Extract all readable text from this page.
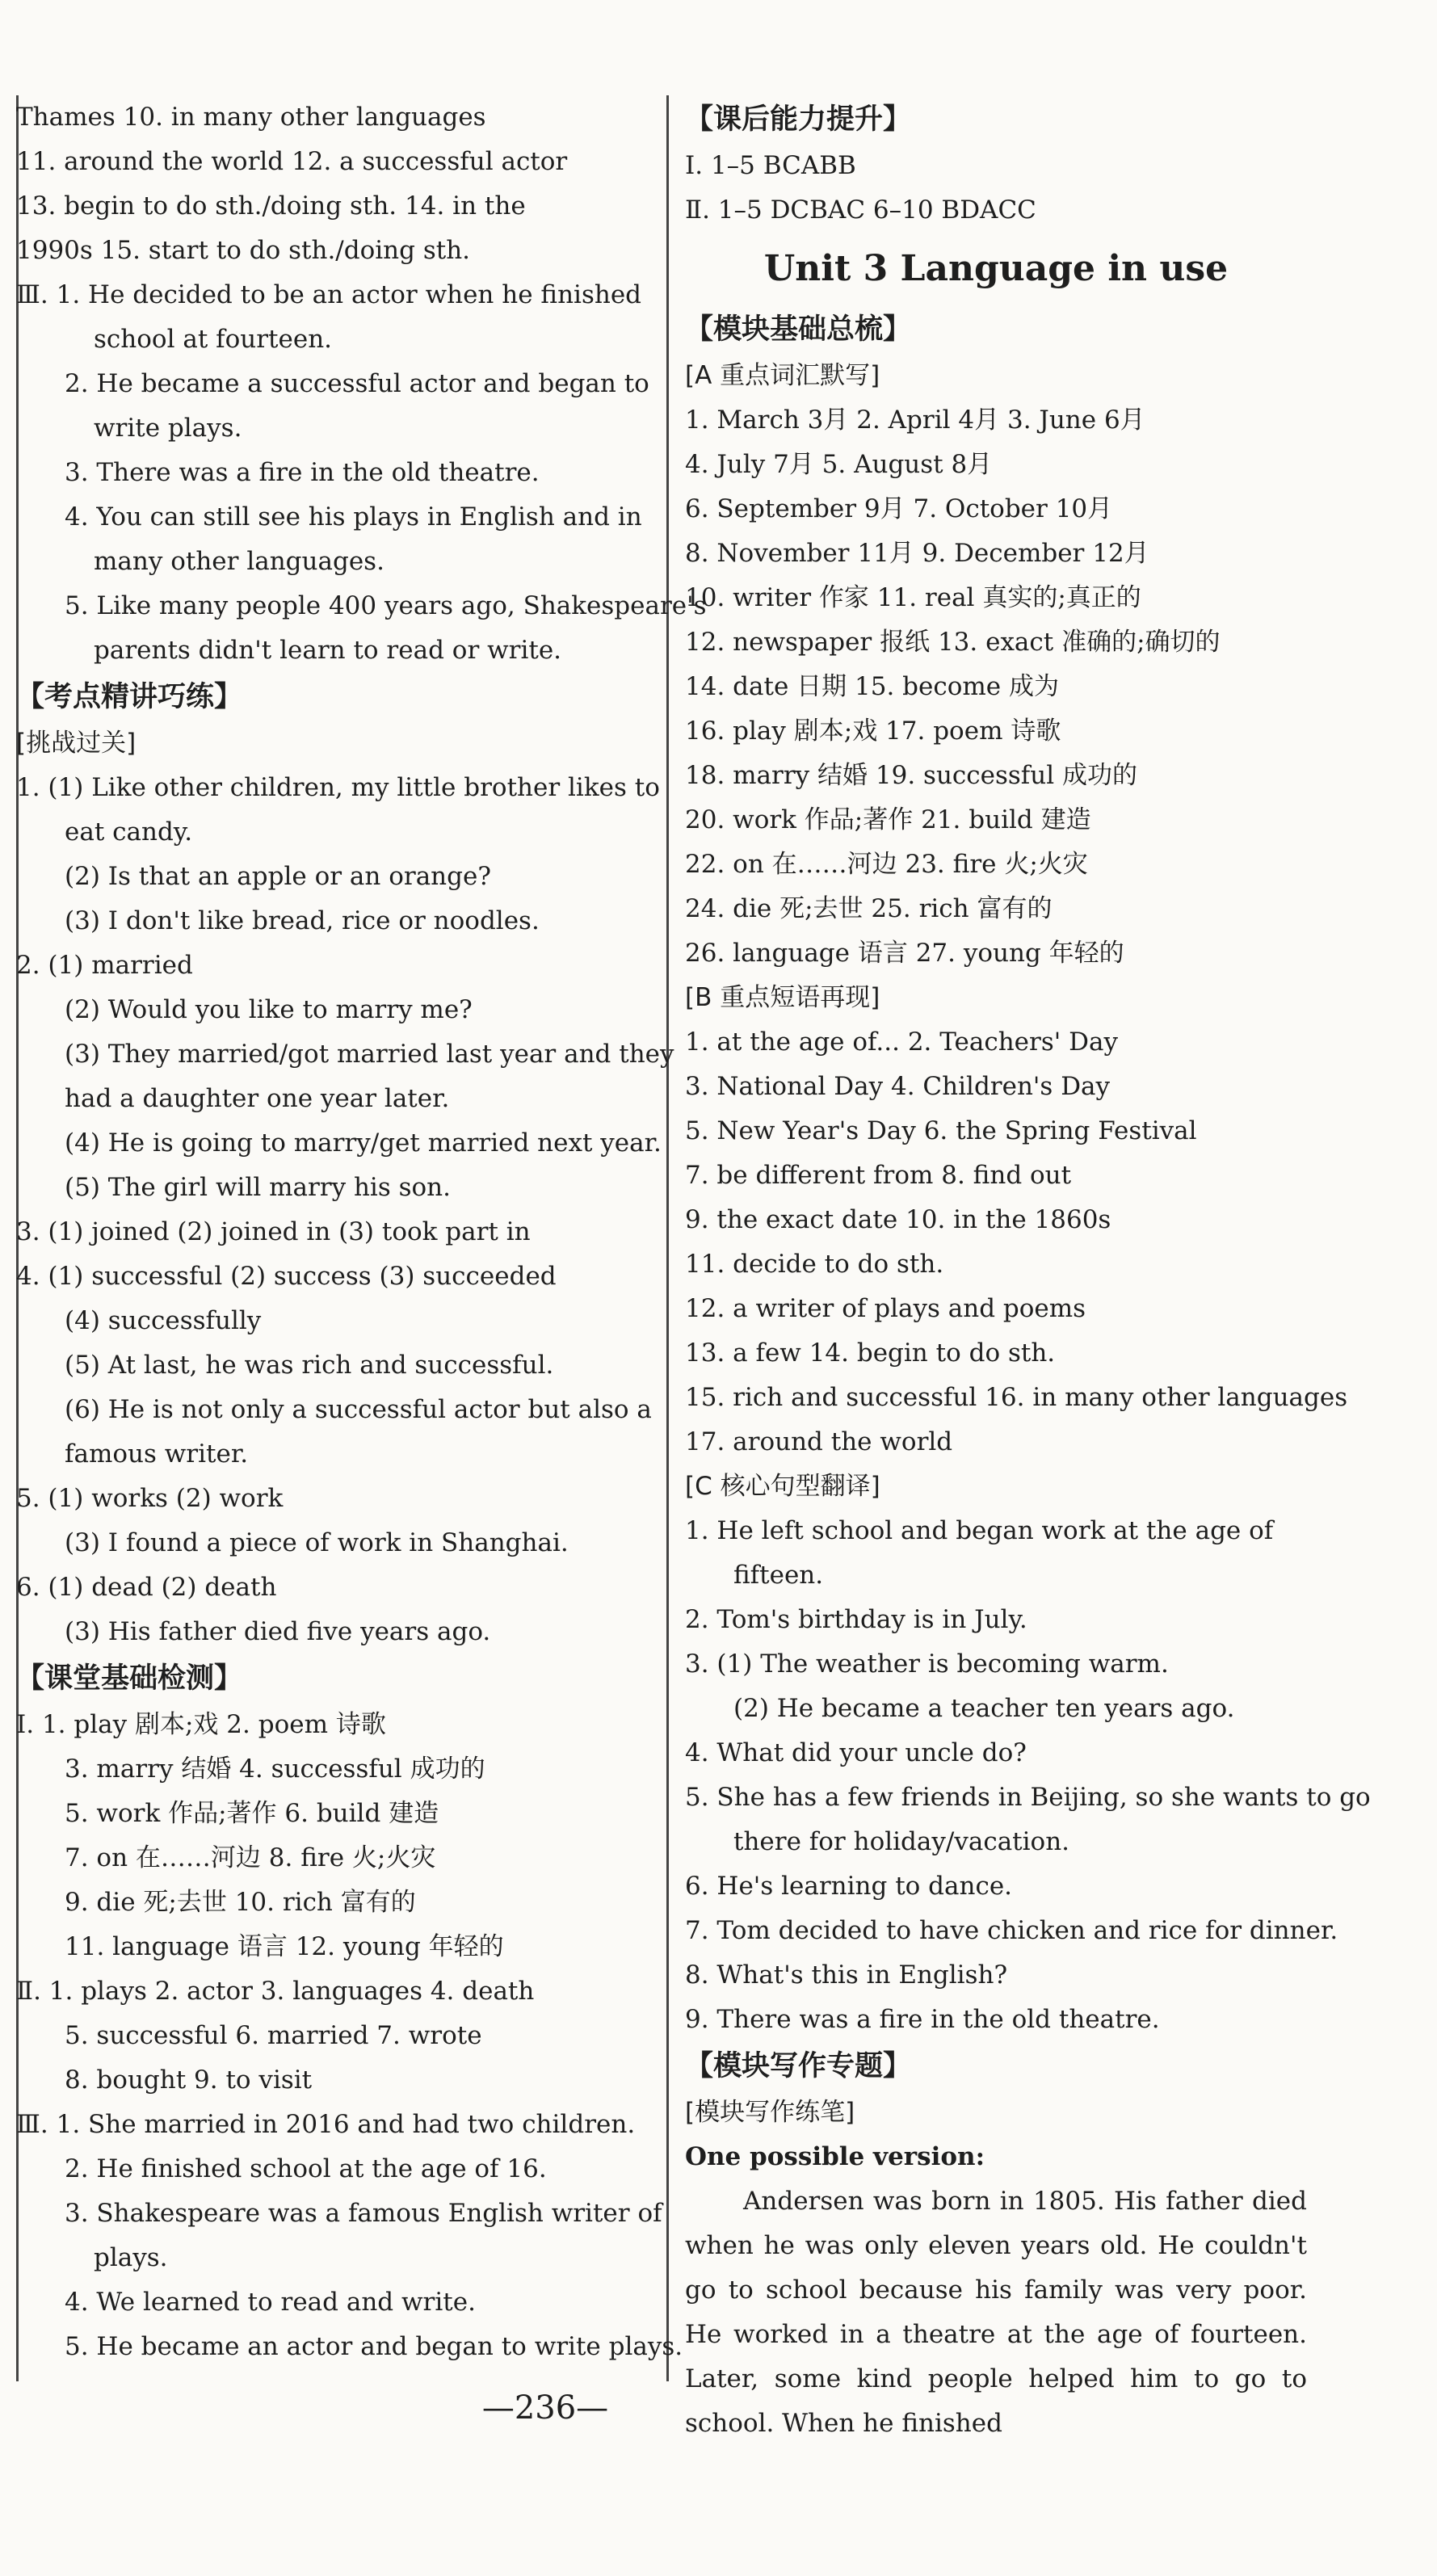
Thames 10. in many other languages
11. around the world 12. a successful actor
13. begin to do sth./doing sth. 14. in the
1990s 15. start to do sth./doing sth.
Ⅲ. 1. He decided to be an actor when he finished
school at fourteen.
2. He became a successful actor and began to
write plays.
3. There was a fire in the old theatre.
4. You can still see his plays in English and in
many other languages.
5. Like many people 400 years ago, Shakespeare's
parents didn't learn to read or write.
【考点精讲巧练】
[挑战过关]
1. (1) Like other children, my little brother likes to
eat candy.
(2) Is that an apple or an orange?
(3) I don't like bread, rice or noodles.
2. (1) married
(2) Would you like to marry me?
(3) They married/got married last year and they
had a daughter one year later.
(4) He is going to marry/get married next year.
(5) The girl will marry his son.
3. (1) joined (2) joined in (3) took part in
4. (1) successful (2) success (3) succeeded
(4) successfully
(5) At last, he was rich and successful.
(6) He is not only a successful actor but also a
famous writer.
5. (1) works (2) work
(3) I found a piece of work in Shanghai.
6. (1) dead (2) death
(3) His father died five years ago.
【课堂基础检测】
Ⅰ. 1. play 剧本;戏 2. poem 诗歌
3. marry 结婚 4. successful 成功的
5. work 作品;著作 6. build 建造
7. on 在……河边 8. fire 火;火灾
9. die 死;去世 10. rich 富有的
11. language 语言 12. young 年轻的
Ⅱ. 1. plays 2. actor 3. languages 4. death
5. successful 6. married 7. wrote
8. bought 9. to visit
Ⅲ. 1. She married in 2016 and had two children.
2. He finished school at the age of 16.
3. Shakespeare was a famous English writer of
plays.
4. We learned to read and write.
5. He became an actor and began to write plays.
【课后能力提升】
Ⅰ. 1–5 BCABB
Ⅱ. 1–5 DCBAC 6–10 BDACC
Unit 3 Language in use
【模块基础总梳】
[A 重点词汇默写]
1. March 3月 2. April 4月 3. June 6月
4. July 7月 5. August 8月
6. September 9月 7. October 10月
8. November 11月 9. December 12月
10. writer 作家 11. real 真实的;真正的
12. newspaper 报纸 13. exact 准确的;确切的
14. date 日期 15. become 成为
16. play 剧本;戏 17. poem 诗歌
18. marry 结婚 19. successful 成功的
20. work 作品;著作 21. build 建造
22. on 在……河边 23. fire 火;火灾
24. die 死;去世 25. rich 富有的
26. language 语言 27. young 年轻的
[B 重点短语再现]
1. at the age of... 2. Teachers' Day
3. National Day 4. Children's Day
5. New Year's Day 6. the Spring Festival
7. be different from 8. find out
9. the exact date 10. in the 1860s
11. decide to do sth.
12. a writer of plays and poems
13. a few 14. begin to do sth.
15. rich and successful 16. in many other languages
17. around the world
[C 核心句型翻译]
1. He left school and began work at the age of
fifteen.
2. Tom's birthday is in July.
3. (1) The weather is becoming warm.
(2) He became a teacher ten years ago.
4. What did your uncle do?
5. She has a few friends in Beijing, so she wants to go
there for holiday/vacation.
6. He's learning to dance.
7. Tom decided to have chicken and rice for dinner.
8. What's this in English?
9. There was a fire in the old theatre.
【模块写作专题】
[模块写作练笔]
One possible version:
Andersen was born in 1805. His father died when he was only eleven years old. He couldn't go to school because his family was very poor. He worked in a theatre at the age of fourteen. Later, some kind people helped him to go to school. When he finished
—236—
